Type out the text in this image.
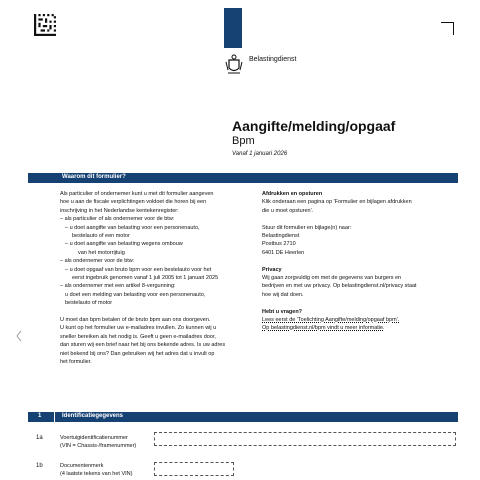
Belastingdienst
Aangifte/melding/opgaaf
Bpm
Vanaf 1 januari 2026
Waarom dit formulier?

Als particulier of ondernemer kunt u met dit formulier aangeven

hoe u aan de fiscale verplichtingen voldoet die horen bij een

inschrijving in het Nederlandse kentekenregister:

– als particulier of als ondernemer voor de btw:

– u doet aangifte van belasting voor een personenauto,

bestelauto of een motor

– u doet aangifte van belasting wegens ombouw

van het motorrijtuig

– als ondernemer voor de btw:

– u doet opgaaf van bruto bpm voor een bestelauto voor het

eerst ingebruik genomen vanaf 1 juli 2005 tot 1 januari 2025

– als ondernemer met een artikel 8-vergunning:

u doet een melding van belasting voor een personenauto,

bestelauto of motor

U moet dan bpm betalen of de bruto bpm aan ons doorgeven.

U kunt op het formulier uw e-mailadres invullen. Zo kunnen wij u

sneller bereiken als het nodig is. Geeft u geen e-mailadres door,

dan sturen wij een brief naar het bij ons bekende adres. Is uw adres

niet bekend bij ons? Dan gebruiken wij het adres dat u invult op

het formulier.

Afdrukken en opsturen

Klik onderaan een pagina op 'Formulier en bijlagen afdrukken

die u moet opsturen'.

Stuur dit formulier en bijlage(n) naar:

Belastingdienst

Postbus 2710

6401 DE Heerlen

Privacy

Wij gaan zorgvuldig om met de gegevens van burgers en

bedrijven en met uw privacy. Op belastingdienst.nl/privacy staat

hoe wij dat doen.

Hebt u vragen?

Lees eerst de 'Toelichting Aangifte/melding/opgaaf bpm'.

Op belastingdienst.nl/bpm vindt u meer informatie.

1	Identificatiegegevens
1a	Voertuigidentificatienummer
(VIN = Chassis-/framenummer)
1b	Documentenmerk
(4 laatste tekens van het VIN)
